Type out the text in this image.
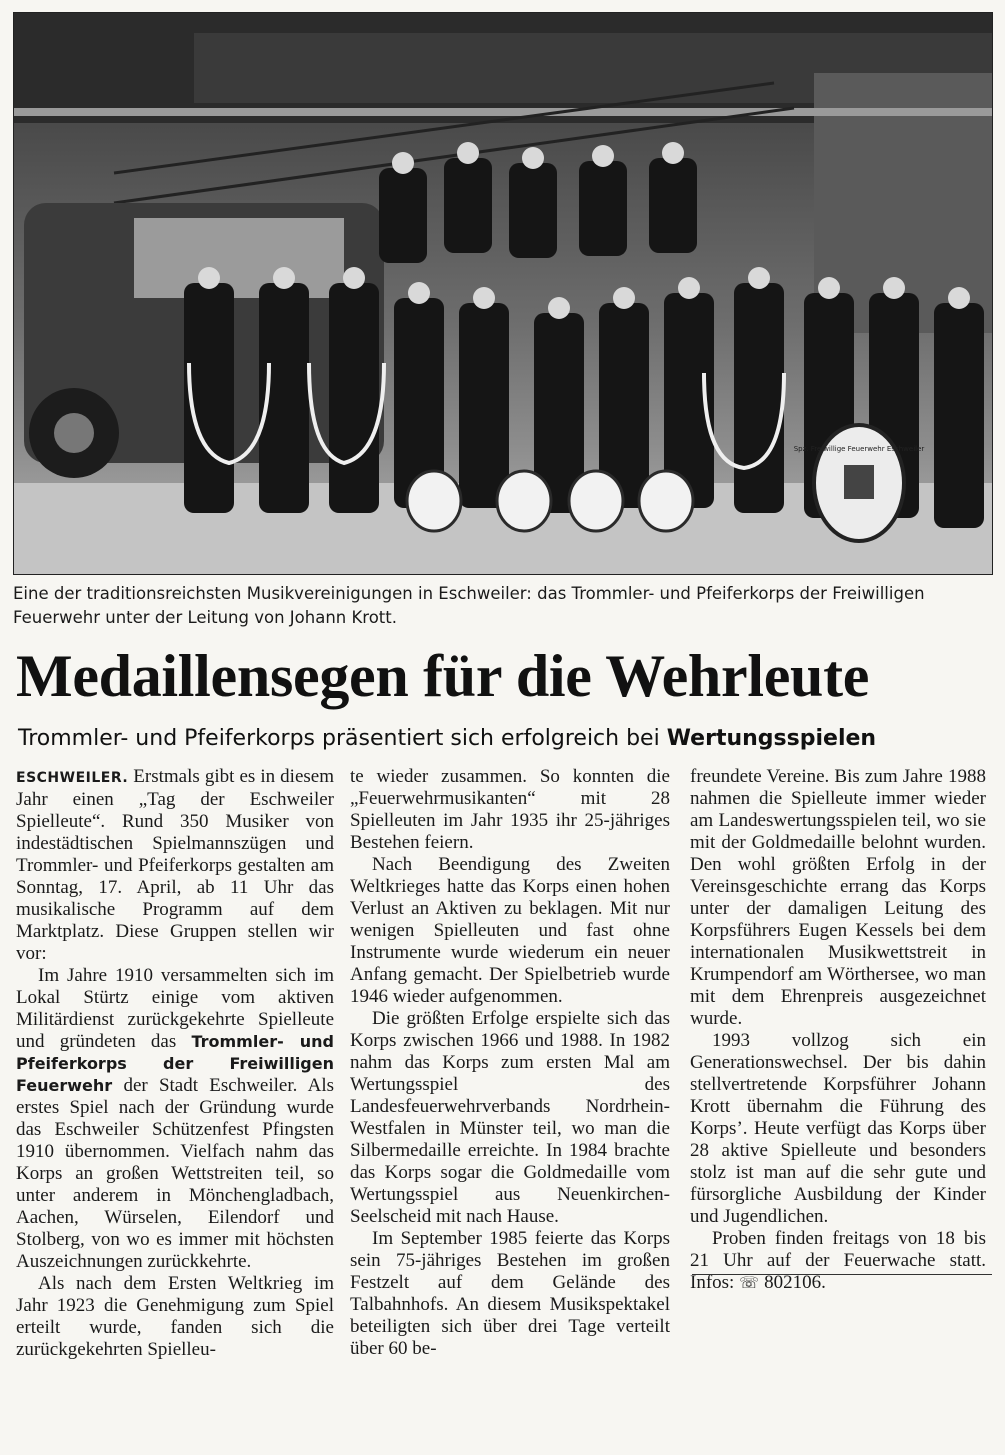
Spz. Freiwillige Feuerwehr Eschweiler
Eine der traditionsreichsten Musikvereinigungen in Eschweiler: das Trommler- und Pfeiferkorps der Freiwilligen Feuerwehr unter der Leitung von Johann Krott.
Medaillensegen für die Wehrleute
Trommler- und Pfeiferkorps präsentiert sich erfolgreich bei Wertungsspielen

ESCHWEILER. Erstmals gibt es in diesem Jahr einen „Tag der Eschweiler Spielleute“. Rund 350 Musiker von indestädtischen Spielmannszügen und Trommler- und Pfeiferkorps gestalten am Sonntag, 17. April, ab 11 Uhr das musikalische Programm auf dem Marktplatz. Diese Gruppen stellen wir vor:

Im Jahre 1910 versammelten sich im Lokal Stürtz einige vom aktiven Militärdienst zurückgekehrte Spielleute und gründeten das Trommler- und Pfeiferkorps der Freiwilligen Feuerwehr der Stadt Eschweiler. Als erstes Spiel nach der Gründung wurde das Eschweiler Schützenfest Pfingsten 1910 übernommen. Vielfach nahm das Korps an großen Wettstreiten teil, so unter anderem in Mönchengladbach, Aachen, Würselen, Eilendorf und Stolberg, von wo es immer mit höchsten Auszeichnungen zurückkehrte.

Als nach dem Ersten Weltkrieg im Jahr 1923 die Genehmigung zum Spiel erteilt wurde, fanden sich die zurückgekehrten Spielleu-

te wieder zusammen. So konnten die „Feuerwehrmusikanten“ mit 28 Spielleuten im Jahr 1935 ihr 25-jähriges Bestehen feiern.

Nach Beendigung des Zweiten Weltkrieges hatte das Korps einen hohen Verlust an Aktiven zu beklagen. Mit nur wenigen Spielleuten und fast ohne Instrumente wurde wiederum ein neuer Anfang gemacht. Der Spielbetrieb wurde 1946 wieder aufgenommen.

Die größten Erfolge erspielte sich das Korps zwischen 1966 und 1988. In 1982 nahm das Korps zum ersten Mal am Wertungsspiel des Landesfeuerwehrverbands Nordrhein-Westfalen in Münster teil, wo man die Silbermedaille erreichte. In 1984 brachte das Korps sogar die Goldmedaille vom Wertungsspiel aus Neuenkirchen-Seelscheid mit nach Hause.

Im September 1985 feierte das Korps sein 75-jähriges Bestehen im großen Festzelt auf dem Gelände des Talbahnhofs. An diesem Musikspektakel beteiligten sich über drei Tage verteilt über 60 be-

freundete Vereine. Bis zum Jahre 1988 nahmen die Spielleute immer wieder am Landeswertungsspielen teil, wo sie mit der Goldmedaille belohnt wurden. Den wohl größten Erfolg in der Vereinsgeschichte errang das Korps unter der damaligen Leitung des Korpsführers Eugen Kessels bei dem internationalen Musikwettstreit in Krumpendorf am Wörthersee, wo man mit dem Ehrenpreis ausgezeichnet wurde.

1993 vollzog sich ein Generationswechsel. Der bis dahin stellvertretende Korpsführer Johann Krott übernahm die Führung des Korps’. Heute verfügt das Korps über 28 aktive Spielleute und besonders stolz ist man auf die sehr gute und fürsorgliche Ausbildung der Kinder und Jugendlichen.

Proben finden freitags von 18 bis 21 Uhr auf der Feuerwache statt. Infos: ☏ 802106.
